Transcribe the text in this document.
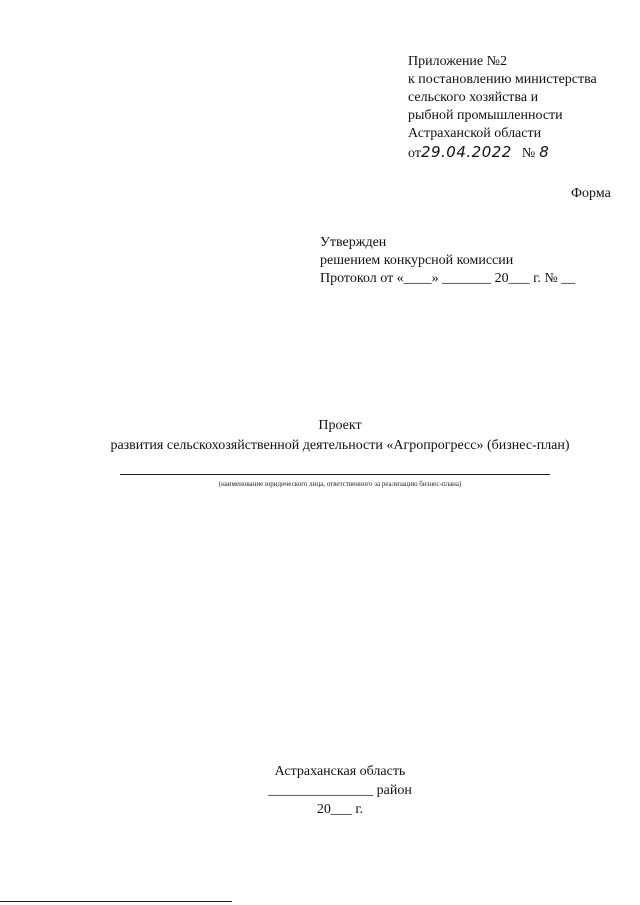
Приложение №2
к постановлению министерства
сельского хозяйства и
рыбной промышленности
Астраханской области
от29.04.2022 № 8
Форма
Утвержден
решением конкурсной комиссии
Протокол от «____» _______ 20___ г. № __
Проект
развития сельскохозяйственной деятельности «Агропрогресс» (бизнес-план)
(наименование юридического лица, ответственного за реализацию бизнес-плана)
Астраханская область
_______________ район
20___ г.
